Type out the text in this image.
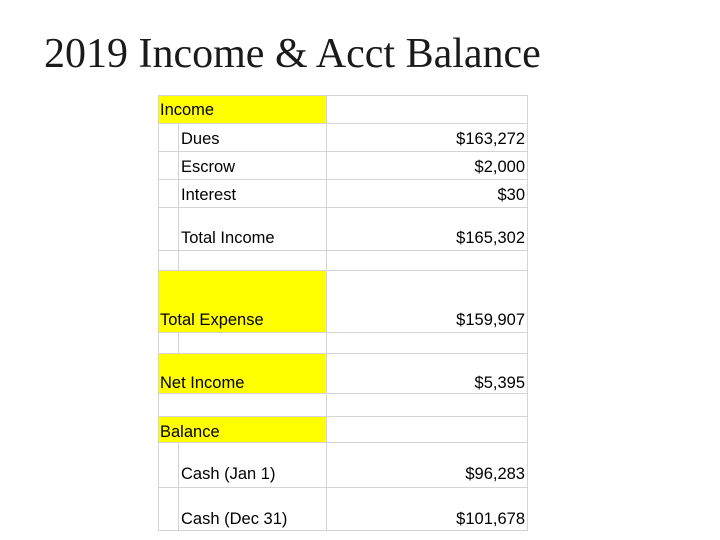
2019 Income & Acct Balance
Income
Dues	$163,272
Escrow	$2,000
Interest	$30
Total Income	$165,302
Total Expense	$159,907
Net Income	$5,395
Balance
Cash (Jan 1)	$96,283
Cash (Dec 31)	$101,678
